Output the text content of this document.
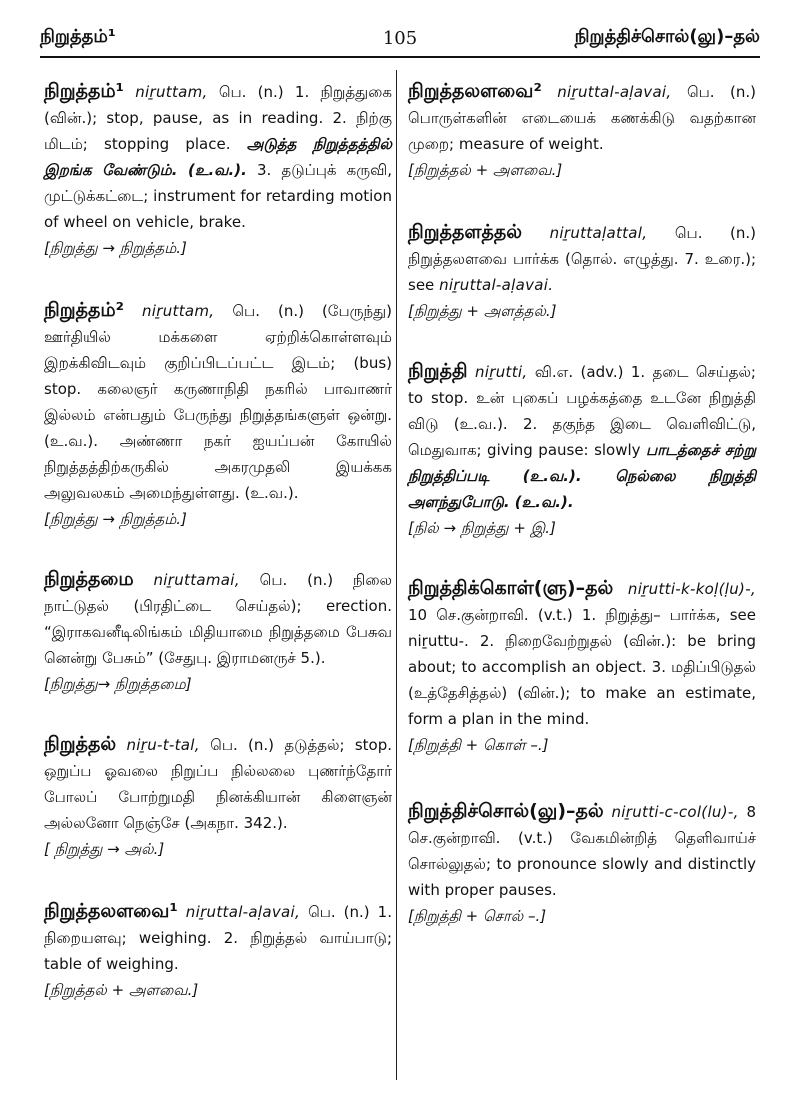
நிறுத்தம்¹	105	நிறுத்திச்சொல்(லு)–தல்

நிறுத்தம்¹ niṟuttam, பெ. (n.) 1. நிறுத்துகை (வின்.); stop, pause, as in reading. 2. நிற்கு மிடம்; stopping place. அடுத்த நிறுத்தத்தில் இறங்க வேண்டும். (உ.வ.). 3. தடுப்புக் கருவி, முட்டுக்கட்டை; instrument for retarding motion of wheel on vehicle, brake.

[நிறுத்து → நிறுத்தம்.]

நிறுத்தம்² niṟuttam, பெ. (n.) (பேருந்து) ஊர்தியில் மக்களை ஏற்றிக்கொள்ளவும் இறக்கிவிடவும் குறிப்பிடப்பட்ட இடம்; (bus) stop. கலைஞர் கருணாநிதி நகரில் பாவாணர் இல்லம் என்பதும் பேருந்து நிறுத்தங்களுள் ஒன்று. (உ.வ.). அண்ணா நகர் ஐயப்பன் கோயில் நிறுத்தத்திற்கருகில் அகரமுதலி இயக்கக அலுவலகம் அமைந்துள்ளது. (உ.வ.).

[நிறுத்து → நிறுத்தம்.]

நிறுத்தமை niṟuttamai, பெ. (n.) நிலை நாட்டுதல் (பிரதிட்டை செய்தல்); erection. “இராகவனீடிலிங்கம் மிதியாமை நிறுத்தமை பேசுவ னென்று பேசும்” (சேதுபு. இராமனருச் 5.).

[நிறுத்து→ நிறுத்தமை]

நிறுத்தல் niṟu-t-tal, பெ. (n.) தடுத்தல்; stop. ஒறுப்ப ஓவலை நிறுப்ப நில்லலை புணர்ந்தோர் போலப் போற்றுமதி நினக்கியான் கிளைஞன் அல்லனோ நெஞ்சே (அகநா. 342.).

[ நிறுத்து → அல்.]

நிறுத்தலளவை¹ niṟuttal-aḷavai, பெ. (n.) 1. நிறையளவு; weighing. 2. நிறுத்தல் வாய்பாடு; table of weighing.

[நிறுத்தல் + அளவை.]

நிறுத்தலளவை² niṟuttal-aḷavai, பெ. (n.) பொருள்களின் எடையைக் கணக்கிடு வதற்கான முறை; measure of weight.

[நிறுத்தல் + அளவை.]

நிறுத்தளத்தல் niṟuttaḷattal, பெ. (n.) நிறுத்தலளவை பார்க்க (தொல். எழுத்து. 7. உரை.); see niṟuttal-aḷavai.

[நிறுத்து + அளத்தல்.]

நிறுத்தி niṟutti, வி.எ. (adv.) 1. தடை செய்தல்; to stop. உன் புகைப் பழக்கத்தை உடனே நிறுத்தி விடு (உ.வ.). 2. தகுந்த இடை வெளிவிட்டு, மெதுவாக; giving pause: slowly பாடத்தைச் சற்று நிறுத்திப்படி (உ.வ.). நெல்லை நிறுத்தி அளந்துபோடு. (உ.வ.).

[நில் → நிறுத்து + இ.]

நிறுத்திக்கொள்(ளு)–தல் niṟutti-k-koḷ(ḷu)-, 10 செ.குன்றாவி. (v.t.) 1. நிறுத்து– பார்க்க, see niṟuttu-. 2. நிறைவேற்றுதல் (வின்.): be bring about; to accomplish an object. 3. மதிப்பிடுதல் (உத்தேசித்தல்) (வின்.); to make an estimate, form a plan in the mind.

[நிறுத்தி + கொள் –.]

நிறுத்திச்சொல்(லு)–தல் niṟutti-c-col(lu)-, 8 செ.குன்றாவி. (v.t.) வேகமின்றித் தெளிவாய்ச் சொல்லுதல்; to pronounce slowly and distinctly with proper pauses.

[நிறுத்தி + சொல் –.]
